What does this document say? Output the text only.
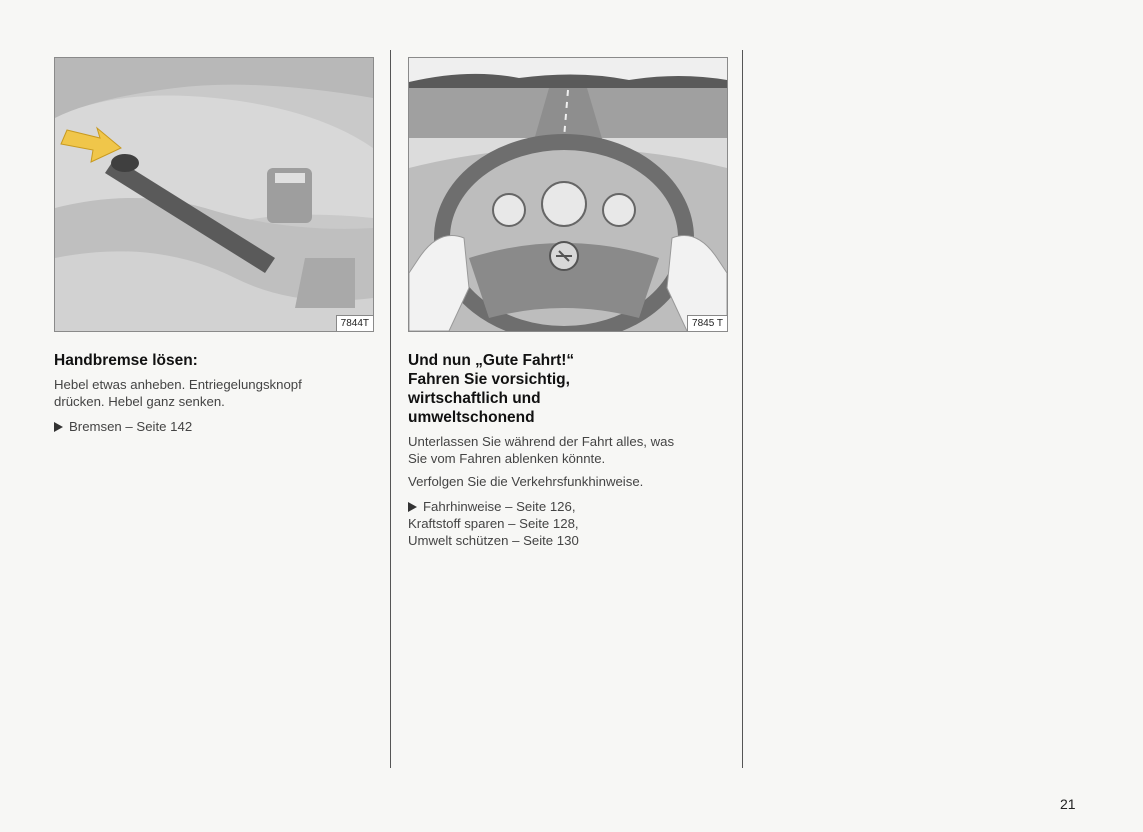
7844T	7845 T
Handbremse lösen:

Hebel etwas anheben. Entriegelungsknopf
drücken. Hebel ganz senken.

Bremsen – Seite 142

Und nun „Gute Fahrt!“
Fahren Sie vorsichtig,
wirtschaftlich und
umweltschonend

Unterlassen Sie während der Fahrt alles, was
Sie vom Fahren ablenken könnte.

Verfolgen Sie die Verkehrsfunkhinweise.

Fahrhinweise – Seite 126,
Kraftstoff sparen – Seite 128,
Umwelt schützen – Seite 130

21
